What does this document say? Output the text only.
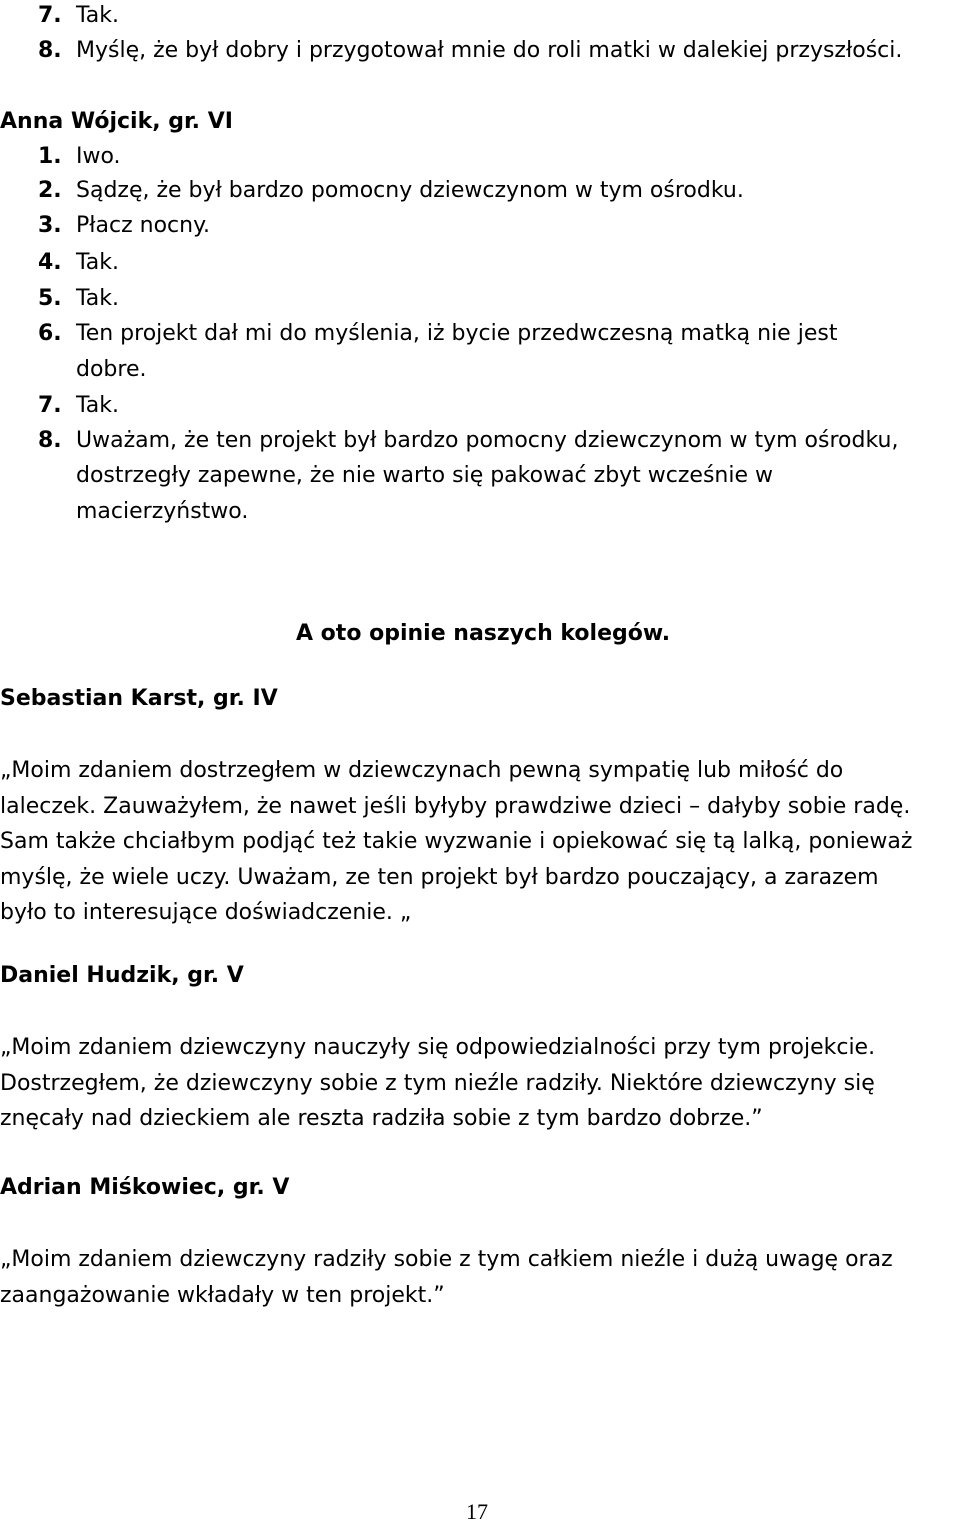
7. Tak.
8. Myślę, że był dobry i przygotował mnie do roli matki w dalekiej przyszłości.
Anna Wójcik, gr. VI
1. Iwo.
2. Sądzę, że był bardzo pomocny dziewczynom w tym ośrodku.
3. Płacz nocny.
4. Tak.
5. Tak.
6. Ten projekt dał mi do myślenia, iż bycie przedwczesną matką nie jest
dobre.
7. Tak.
8. Uważam, że ten projekt był bardzo pomocny dziewczynom w tym ośrodku,
dostrzegły zapewne, że nie warto się pakować zbyt wcześnie w
macierzyństwo.
A oto opinie naszych kolegów.
Sebastian Karst, gr. IV
„Moim zdaniem dostrzegłem w dziewczynach pewną sympatię lub miłość do
laleczek. Zauważyłem, że nawet jeśli byłyby prawdziwe dzieci – dałyby sobie radę.
Sam także chciałbym podjąć też takie wyzwanie i opiekować się tą lalką, ponieważ
myślę, że wiele uczy. Uważam, ze ten projekt był bardzo pouczający, a zarazem
było to interesujące doświadczenie. „
Daniel Hudzik, gr. V
„Moim zdaniem dziewczyny nauczyły się odpowiedzialności przy tym projekcie.
Dostrzegłem, że dziewczyny sobie z tym nieźle radziły. Niektóre dziewczyny się
znęcały nad dzieckiem ale reszta radziła sobie z tym bardzo dobrze.”
Adrian Miśkowiec, gr. V
„Moim zdaniem dziewczyny radziły sobie z tym całkiem nieźle i dużą uwagę oraz
zaangażowanie wkładały w ten projekt.”
17
